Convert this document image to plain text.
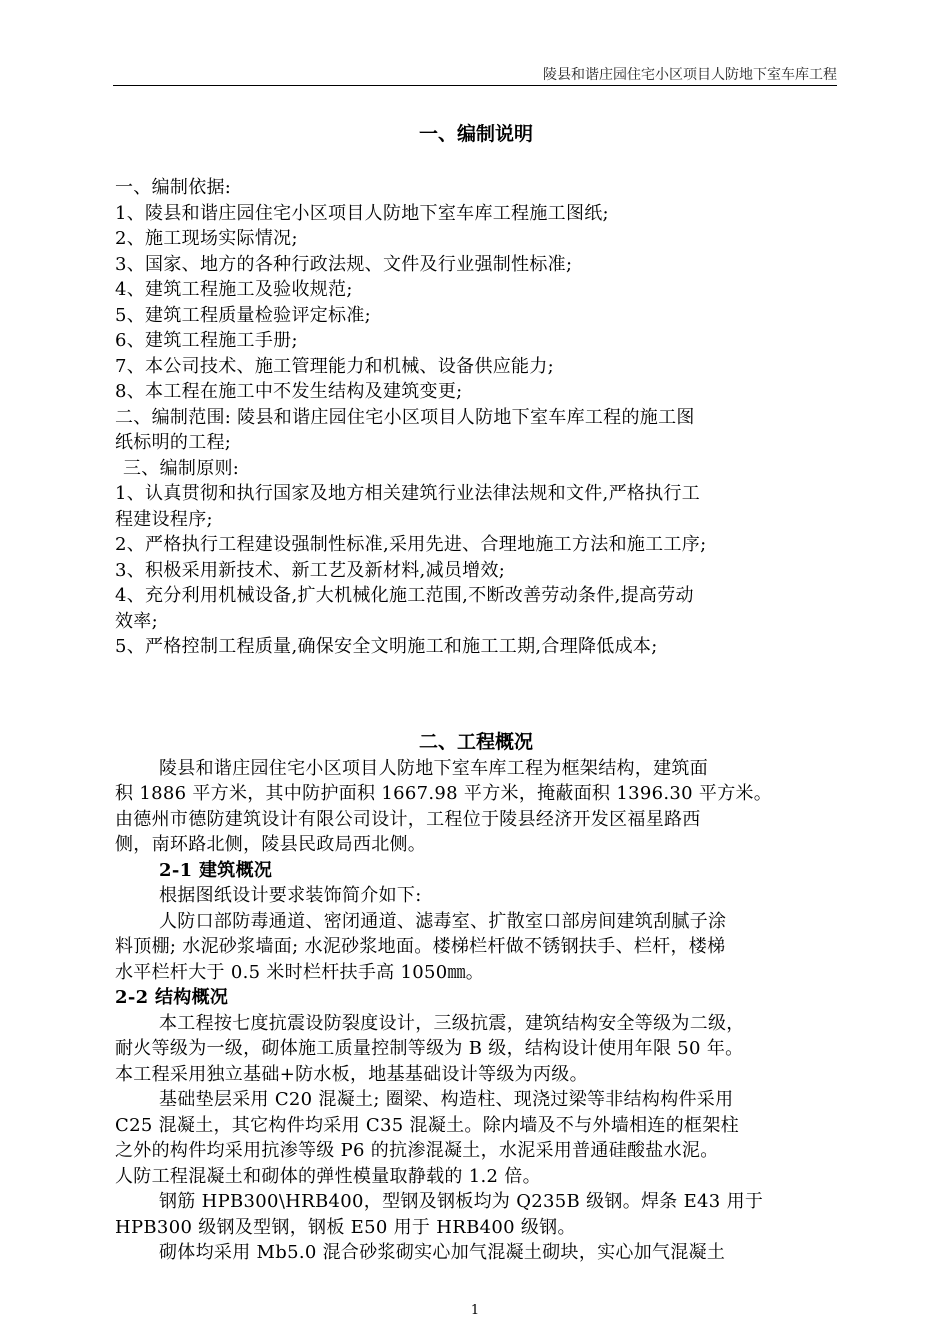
陵县和谐庄园住宅小区项目人防地下室车库工程
一、编制说明
一、编制依据:
1、陵县和谐庄园住宅小区项目人防地下室车库工程施工图纸;
2、施工现场实际情况;
3、国家、地方的各种行政法规、文件及行业强制性标准;
4、建筑工程施工及验收规范;
5、建筑工程质量检验评定标准;
6、建筑工程施工手册;
7、本公司技术、施工管理能力和机械、设备供应能力;
8、本工程在施工中不发生结构及建筑变更;
二、编制范围: 陵县和谐庄园住宅小区项目人防地下室车库工程的施工图
纸标明的工程;
三、编制原则:
1、认真贯彻和执行国家及地方相关建筑行业法律法规和文件,严格执行工
程建设程序;
2、严格执行工程建设强制性标准,采用先进、合理地施工方法和施工工序;
3、积极采用新技术、新工艺及新材料,减员增效;
4、充分利用机械设备,扩大机械化施工范围,不断改善劳动条件,提高劳动
效率;
5、严格控制工程质量,确保安全文明施工和施工工期,合理降低成本;
二、工程概况
陵县和谐庄园住宅小区项目人防地下室车库工程为框架结构，建筑面
积 1886 平方米，其中防护面积 1667.98 平方米，掩蔽面积 1396.30 平方米。
由德州市德防建筑设计有限公司设计，工程位于陵县经济开发区福星路西
侧，南环路北侧，陵县民政局西北侧。
2-1 建筑概况
根据图纸设计要求装饰简介如下:
人防口部防毒通道、密闭通道、滤毒室、扩散室口部房间建筑刮腻子涂
料顶棚; 水泥砂浆墙面; 水泥砂浆地面。楼梯栏杆做不锈钢扶手、栏杆，楼梯
水平栏杆大于 0.5 米时栏杆扶手高 1050㎜。
2-2 结构概况
本工程按七度抗震设防裂度设计，三级抗震，建筑结构安全等级为二级，
耐火等级为一级，砌体施工质量控制等级为 B 级，结构设计使用年限 50 年。
本工程采用独立基础+防水板，地基基础设计等级为丙级。
基础垫层采用 C20 混凝土; 圈梁、构造柱、现浇过梁等非结构构件采用
C25 混凝土，其它构件均采用 C35 混凝土。除内墙及不与外墙相连的框架柱
之外的构件均采用抗渗等级 P6 的抗渗混凝土，水泥采用普通硅酸盐水泥。
人防工程混凝土和砌体的弹性模量取静载的 1.2 倍。
钢筋 HPB300\HRB400，型钢及钢板均为 Q235B 级钢。焊条 E43 用于
HPB300 级钢及型钢，钢板 E50 用于 HRB400 级钢。
砌体均采用 Mb5.0 混合砂浆砌实心加气混凝土砌块，实心加气混凝土
1
